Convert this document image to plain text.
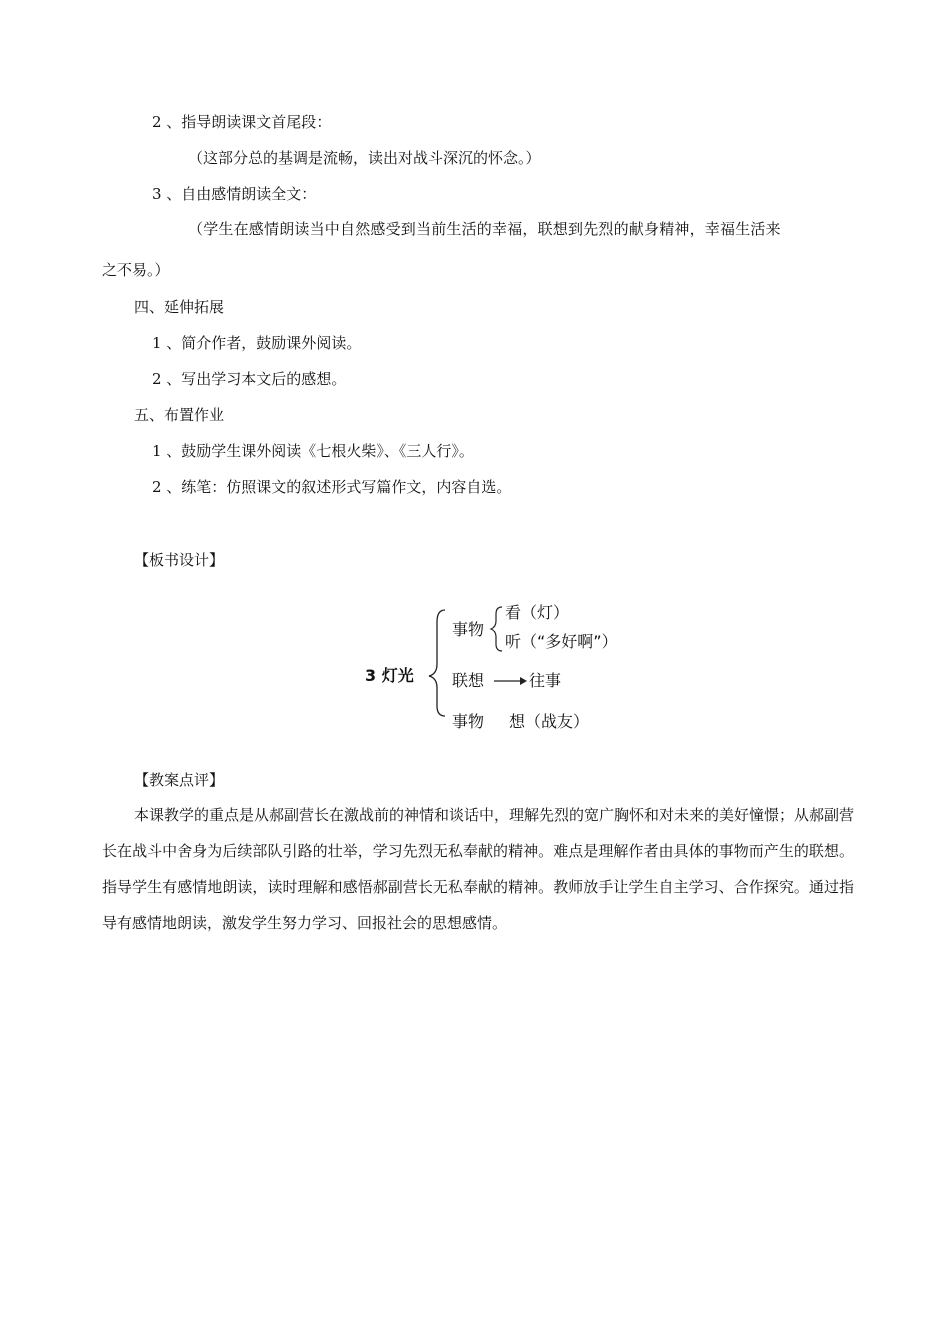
2 、指导朗读课文首尾段：
（这部分总的基调是流畅，读出对战斗深沉的怀念。）
3 、自由感情朗读全文：
（学生在感情朗读当中自然感受到当前生活的幸福，联想到先烈的献身精神，幸福生活来
之不易。）
四、延伸拓展
1 、简介作者，鼓励课外阅读。
2 、写出学习本文后的感想。
五、布置作业
1 、鼓励学生课外阅读《七根火柴》、《三人行》。
2 、练笔：仿照课文的叙述形式写篇作文，内容自选。
【板书设计】
3 灯光
事物
看（灯）
听（“多好啊”）
联想	往事
事物 想（战友）
【教案点评】
本课教学的重点是从郝副营长在激战前的神情和谈话中，理解先烈的宽广胸怀和对未来的美好憧憬；从郝副营长在战斗中舍身为后续部队引路的壮举，学习先烈无私奉献的精神。难点是理解作者由具体的事物而产生的联想。指导学生有感情地朗读，读时理解和感悟郝副营长无私奉献的精神。教师放手让学生自主学习、合作探究。通过指导有感情地朗读，激发学生努力学习、回报社会的思想感情。
